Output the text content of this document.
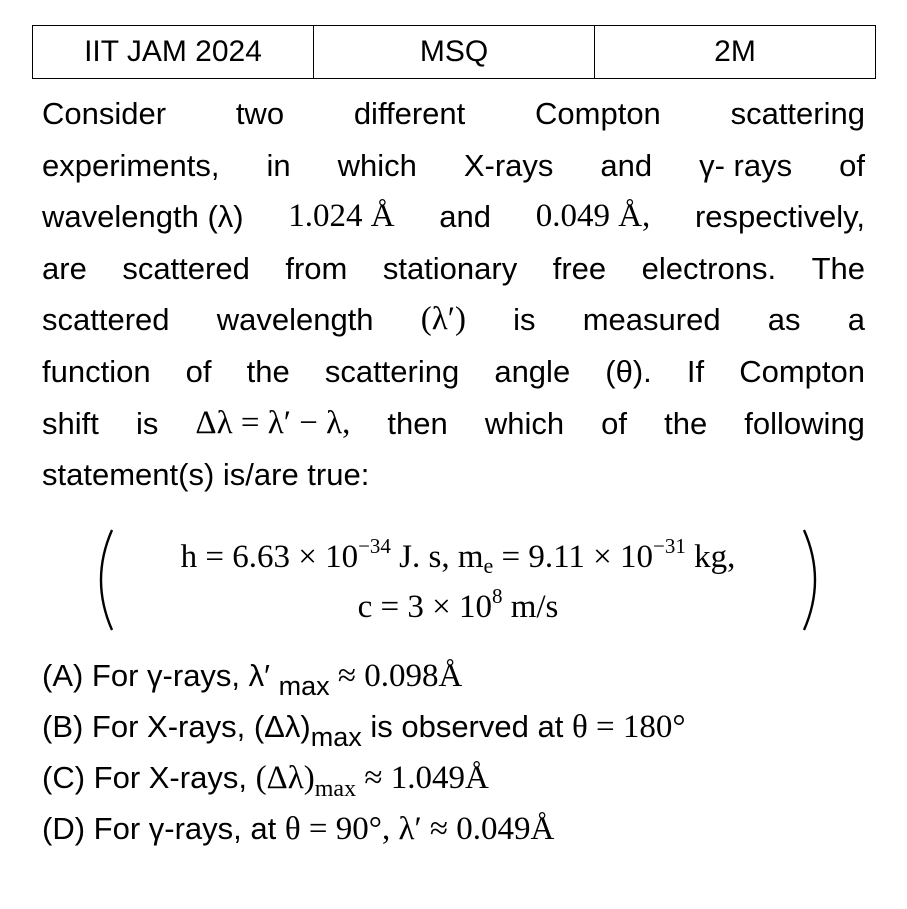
IIT JAM 2024	MSQ	2M
Consider two different Compton scattering
experiments, in which X-rays and γ- rays of
wavelength (λ) 1.024 Å and 0.049 Å, respectively,
are scattered from stationary free electrons. The
scattered wavelength (λ′) is measured as a
function of the scattering angle (θ). If Compton
shift is Δλ = λ′ − λ, then which of the following
statement(s) is/are true:
$h = 6.63 \times 10^{-34}$ J. s, $m_e = 9.11 \times 10^{-31}$ kg,
$c = 3 \times 10^8$ m/s
(A) For γ-rays, λ′ max ≈ 0.098Å
(B) For X-rays, (Δλ)max is observed at θ = 180°
(C) For X-rays, $(\Delta\lambda)_{max}$ ≈ 1.049Å
(D) For γ-rays, at θ = 90°, λ′ ≈ 0.049Å
